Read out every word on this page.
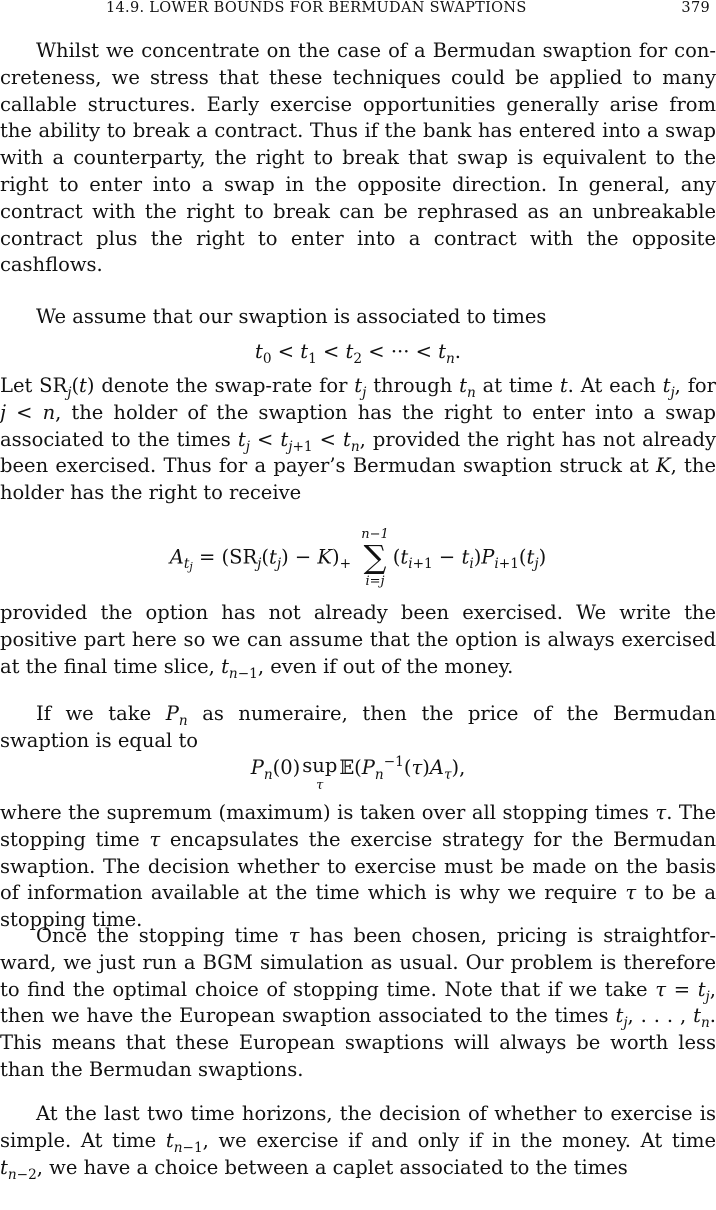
14.9. LOWER BOUNDS FOR BERMUDAN SWAPTIONS	379

Whilst we concentrate on the case of a Bermudan swaption for concreteness, we stress that these techniques could be applied to many callable structures. Early exercise opportunities generally arise from the ability to break a contract. Thus if the bank has entered into a swap with a counterparty, the right to break that swap is equivalent to the right to enter into a swap in the opposite direction. In general, any contract with the right to break can be rephrased as an unbreakable contract plus the right to enter into a contract with the opposite cashflows.

We assume that our swaption is associated to times

$t_0 < t_1 < t_2$ < ··· < $t_n$.

Let $SR_j(t)$ denote the swap-rate for $t_j$ through $t_n$ at time t. At each $t_j$, for j < n, the holder of the swaption has the right to enter into a swap associated to the times $t_j < t_{j+1} < t_n$, provided the right has not already been exercised. Thus for a payer’s Bermudan swaption struck at K, the holder has the right to receive

$A_{tj} = (SR_j(t_j) - K)_+$
n−1
∑
i=j
$(t_{i+1} - t_i)P_{i+1}(t_j)$

provided the option has not already been exercised. We write the positive part here so we can assume that the option is always exercised at the final time slice, $t_{n-1}$, even if out of the money.

If we take $P_n$ as numeraire, then the price of the Bermudan swaption is equal to

$P_n(0)$ sup
τ
$𝔼(P_n^{-1}(\tau)A_\tau)$,

where the supremum (maximum) is taken over all stopping times τ. The stopping time τ encapsulates the exercise strategy for the Bermudan swaption. The decision whether to exercise must be made on the basis of information available at the time which is why we require τ to be a stopping time.

Once the stopping time τ has been chosen, pricing is straightforward, we just run a BGM simulation as usual. Our problem is therefore to find the optimal choice of stopping time. Note that if we take $\tau = t_j$, then we have the European swaption associated to the times $t_j$, . . . , $t_n$. This means that these European swaptions will always be worth less than the Bermudan swaptions.

At the last two time horizons, the decision of whether to exercise is simple. At time $t_{n-1}$, we exercise if and only if in the money. At time $t_{n-2}$, we have a choice between a caplet associated to the times
